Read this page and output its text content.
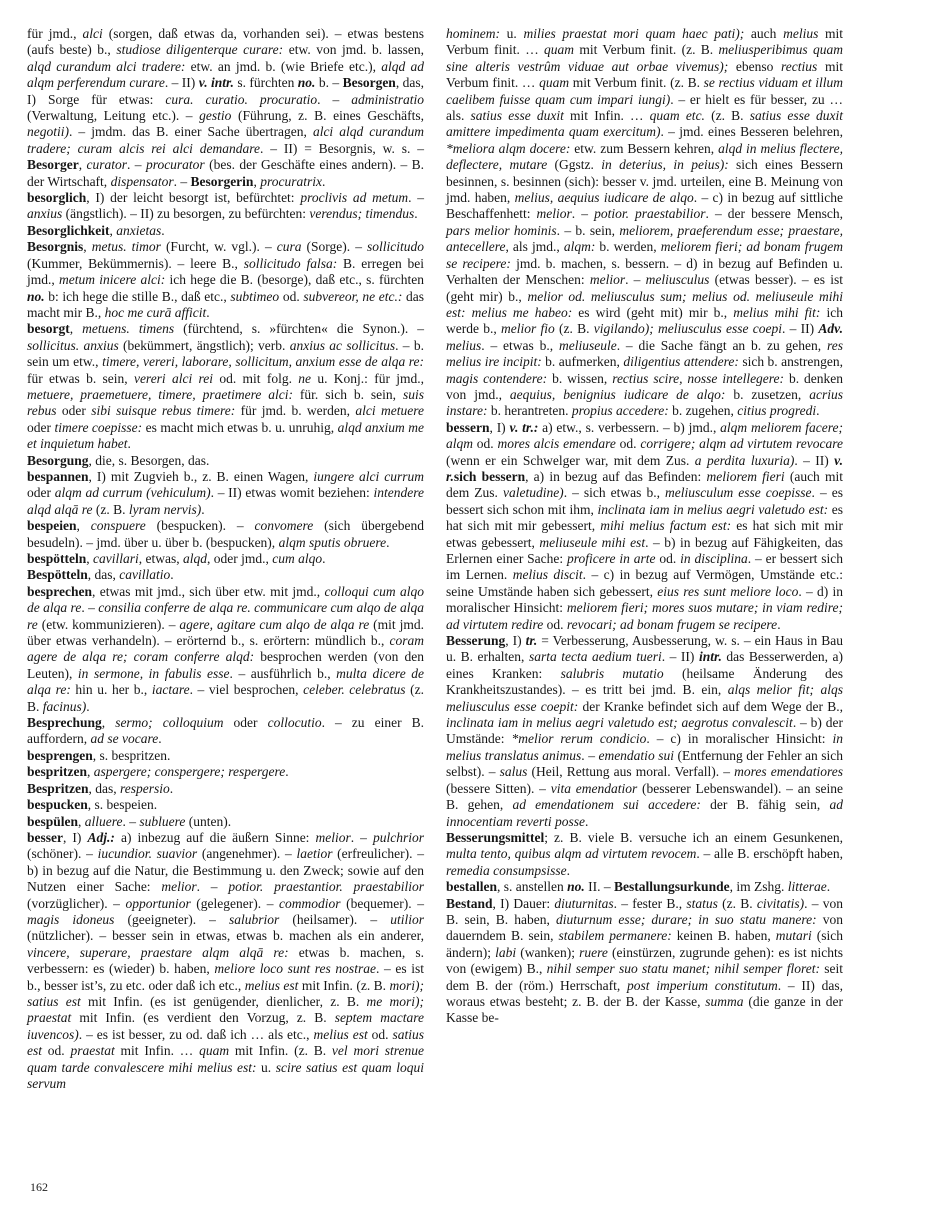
für jmd., alci (sorgen, daß etwas da, vorhanden sei). – etwas bestens (aufs beste) b., studiose diligenterque curare: etw. von jmd. b. lassen, alqd curandum alci tradere: etw. an jmd. b. (wie Briefe etc.), alqd ad alqm perferendum curare. – II) v. intr. s. fürchten no. b. – Besorgen, das, I) Sorge für etwas: cura. curatio. procuratio. – administratio (Verwaltung, Leitung etc.). – gestio (Führung, z. B. eines Geschäfts, negotii). – jmdm. das B. einer Sache übertragen, alci alqd curandum tradere; curam alcis rei alci demandare. – II) = Besorgnis, w. s. – Besorger, curator. – procurator (bes. der Geschäfte eines andern). – B. der Wirtschaft, dispensator. – Besorgerin, procuratrix.

besorglich, I) der leicht besorgt ist, befürchtet: proclivis ad metum. – anxius (ängstlich). – II) zu besorgen, zu befürchten: verendus; timendus.

Besorglichkeit, anxietas.

Besorgnis, metus. timor (Furcht, w. vgl.). – cura (Sorge). – sollicitudo (Kummer, Bekümmernis). – leere B., sollicitudo falsa: B. erregen bei jmd., metum inicere alci: ich hege die B. (besorge), daß etc., s. fürchten no. b: ich hege die stille B., daß etc., subtimeo od. subvereor, ne etc.: das macht mir B., hoc me curā afficit.

besorgt, metuens. timens (fürchtend, s. »fürchten« die Synon.). – sollicitus. anxius (bekümmert, ängstlich); verb. anxius ac sollicitus. – b. sein um etw., timere, vereri, laborare, sollicitum, anxium esse de alqa re: für etwas b. sein, vereri alci rei od. mit folg. ne u. Konj.: für jmd., metuere, praemetuere, timere, praetimere alci: für. sich b. sein, suis rebus oder sibi suisque rebus timere: für jmd. b. werden, alci metuere oder timere coepisse: es macht mich etwas b. u. unruhig, alqd anxium me et inquietum habet.

Besorgung, die, s. Besorgen, das.

bespannen, I) mit Zugvieh b., z. B. einen Wagen, iungere alci currum oder alqm ad currum (vehiculum). – II) etwas womit beziehen: intendere alqd alqā re (z. B. lyram nervis).

bespeien, conspuere (bespucken). – convomere (sich übergebend besudeln). – jmd. über u. über b. (bespucken), alqm sputis obruere.

bespötteln, cavillari, etwas, alqd, oder jmd., cum alqo.

Bespötteln, das, cavillatio.

besprechen, etwas mit jmd., sich über etw. mit jmd., colloqui cum alqo de alqa re. – consilia conferre de alqa re. communicare cum alqo de alqa re (etw. kommunizieren). – agere, agitare cum alqo de alqa re (mit jmd. über etwas verhandeln). – erörternd b., s. erörtern: mündlich b., coram agere de alqa re; coram conferre alqd: besprochen werden (von den Leuten), in sermone, in fabulis esse. – ausführlich b., multa dicere de alqa re: hin u. her b., iactare. – viel besprochen, celeber. celebratus (z. B. facinus).

Besprechung, sermo; colloquium oder collocutio. – zu einer B. auffordern, ad se vocare.

besprengen, s. bespritzen.

bespritzen, aspergere; conspergere; respergere.

Bespritzen, das, respersio.

bespucken, s. bespeien.

bespülen, alluere. – subluere (unten).

besser, I) Adj.: a) inbezug auf die äußern Sinne: melior. – pulchrior (schöner). – iucundior. suavior (angenehmer). – laetior (erfreulicher). – b) in bezug auf die Natur, die Bestimmung u. den Zweck; sowie auf den Nutzen einer Sache: melior. – potior. praestantior. praestabilior (vorzüglicher). – opportunior (gelegener). – commodior (bequemer). – magis idoneus (geeigneter). – salubrior (heilsamer). – utilior (nützlicher). – besser sein in etwas, etwas b. machen als ein anderer, vincere, superare, praestare alqm alqā re: etwas b. machen, s. verbessern: es (wieder) b. haben, meliore loco sunt res nostrae. – es ist b., besser ist’s, zu etc. oder daß ich etc., melius est mit Infin. (z. B. mori); satius est mit Infin. (es ist genügender, dienlicher, z. B. me mori); praestat mit Infin. (es verdient den Vorzug, z. B. septem mactare iuvencos). – es ist besser, zu od. daß ich … als etc., melius est od. satius est od. praestat mit Infin. … quam mit Infin. (z. B. vel mori strenue quam tarde convalescere mihi melius est: u. scire satius est quam loqui servum

hominem: u. milies praestat mori quam haec pati); auch melius mit Verbum finit. … quam mit Verbum finit. (z. B. meliusperibimus quam sine alteris vestrûm viduae aut orbae vivemus); ebenso rectius mit Verbum finit. … quam mit Verbum finit. (z. B. se rectius viduam et illum caelibem fuisse quam cum impari iungi). – er hielt es für besser, zu … als. satius esse duxit mit Infin. … quam etc. (z. B. satius esse duxit amittere impedimenta quam exercitum). – jmd. eines Besseren belehren, *meliora alqm docere: etw. zum Bessern kehren, alqd in melius flectere, deflectere, mutare (Ggstz. in deterius, in peius): sich eines Bessern besinnen, s. besinnen (sich): besser v. jmd. urteilen, eine B. Meinung von jmd. haben, melius, aequius iudicare de alqo. – c) in bezug auf sittliche Beschaffenhett: melior. – potior. praestabilior. – der bessere Mensch, pars melior hominis. – b. sein, meliorem, praeferendum esse; praestare, antecellere, als jmd., alqm: b. werden, meliorem fieri; ad bonam frugem se recipere: jmd. b. machen, s. bessern. – d) in bezug auf Befinden u. Verhalten der Menschen: melior. – meliusculus (etwas besser). – es ist (geht mir) b., melior od. meliusculus sum; melius od. meliuseule mihi est: melius me habeo: es wird (geht mit) mir b., melius mihi fit: ich werde b., melior fio (z. B. vigilando); meliusculus esse coepi. – II) Adv. melius. – etwas b., meliuseule. – die Sache fängt an b. zu gehen, res melius ire incipit: b. aufmerken, diligentius attendere: sich b. anstrengen, magis contendere: b. wissen, rectius scire, nosse intellegere: b. denken von jmd., aequius, benignius iudicare de alqo: b. zusetzen, acrius instare: b. herantreten. propius accedere: b. zugehen, citius progredi.

bessern, I) v. tr.: a) etw., s. verbessern. – b) jmd., alqm meliorem facere; alqm od. mores alcis emendare od. corrigere; alqm ad virtutem revocare (wenn er ein Schwelger war, mit dem Zus. a perdita luxuria). – II) v. r.sich bessern, a) in bezug auf das Befinden: meliorem fieri (auch mit dem Zus. valetudine). – sich etwas b., meliusculum esse coepisse. – es bessert sich schon mit ihm, inclinata iam in melius aegri valetudo est: es hat sich mit mir gebessert, mihi melius factum est: es hat sich mit mir etwas gebessert, meliuseule mihi est. – b) in bezug auf Fähigkeiten, das Erlernen einer Sache: proficere in arte od. in disciplina. – er bessert sich im Lernen. melius discit. – c) in bezug auf Vermögen, Umstände etc.: seine Umstände haben sich gebessert, eius res sunt meliore loco. – d) in moralischer Hinsicht: meliorem fieri; mores suos mutare; in viam redire; ad virtutem redire od. revocari; ad bonam frugem se recipere.

Besserung, I) tr. = Verbesserung, Ausbesserung, w. s. – ein Haus in Bau u. B. erhalten, sarta tecta aedium tueri. – II) intr. das Besserwerden, a) eines Kranken: salubris mutatio (heilsame Änderung des Krankheitszustandes). – es tritt bei jmd. B. ein, alqs melior fit; alqs meliusculus esse coepit: der Kranke befindet sich auf dem Wege der B., inclinata iam in melius aegri valetudo est; aegrotus convalescit. – b) der Umstände: *melior rerum condicio. – c) in moralischer Hinsicht: in melius translatus animus. – emendatio sui (Entfernung der Fehler an sich selbst). – salus (Heil, Rettung aus moral. Verfall). – mores emendatiores (bessere Sitten). – vita emendatior (besserer Lebenswandel). – an seine B. gehen, ad emendationem sui accedere: der B. fähig sein, ad innocentiam reverti posse.

Besserungsmittel; z. B. viele B. versuche ich an einem Gesunkenen, multa tento, quibus alqm ad virtutem revocem. – alle B. erschöpft haben, remedia consumpsisse.

bestallen, s. anstellen no. II. – Bestallungsurkunde, im Zshg. litterae.

Bestand, I) Dauer: diuturnitas. – fester B., status (z. B. civitatis). – von B. sein, B. haben, diuturnum esse; durare; in suo statu manere: von dauerndem B. sein, stabilem permanere: keinen B. haben, mutari (sich ändern); labi (wanken); ruere (einstürzen, zugrunde gehen): es ist nichts von (ewigem) B., nihil semper suo statu manet; nihil semper floret: seit dem B. der (röm.) Herrschaft, post imperium constitutum. – II) das, woraus etwas besteht; z. B. der B. der Kasse, summa (die ganze in der Kasse be-

162
